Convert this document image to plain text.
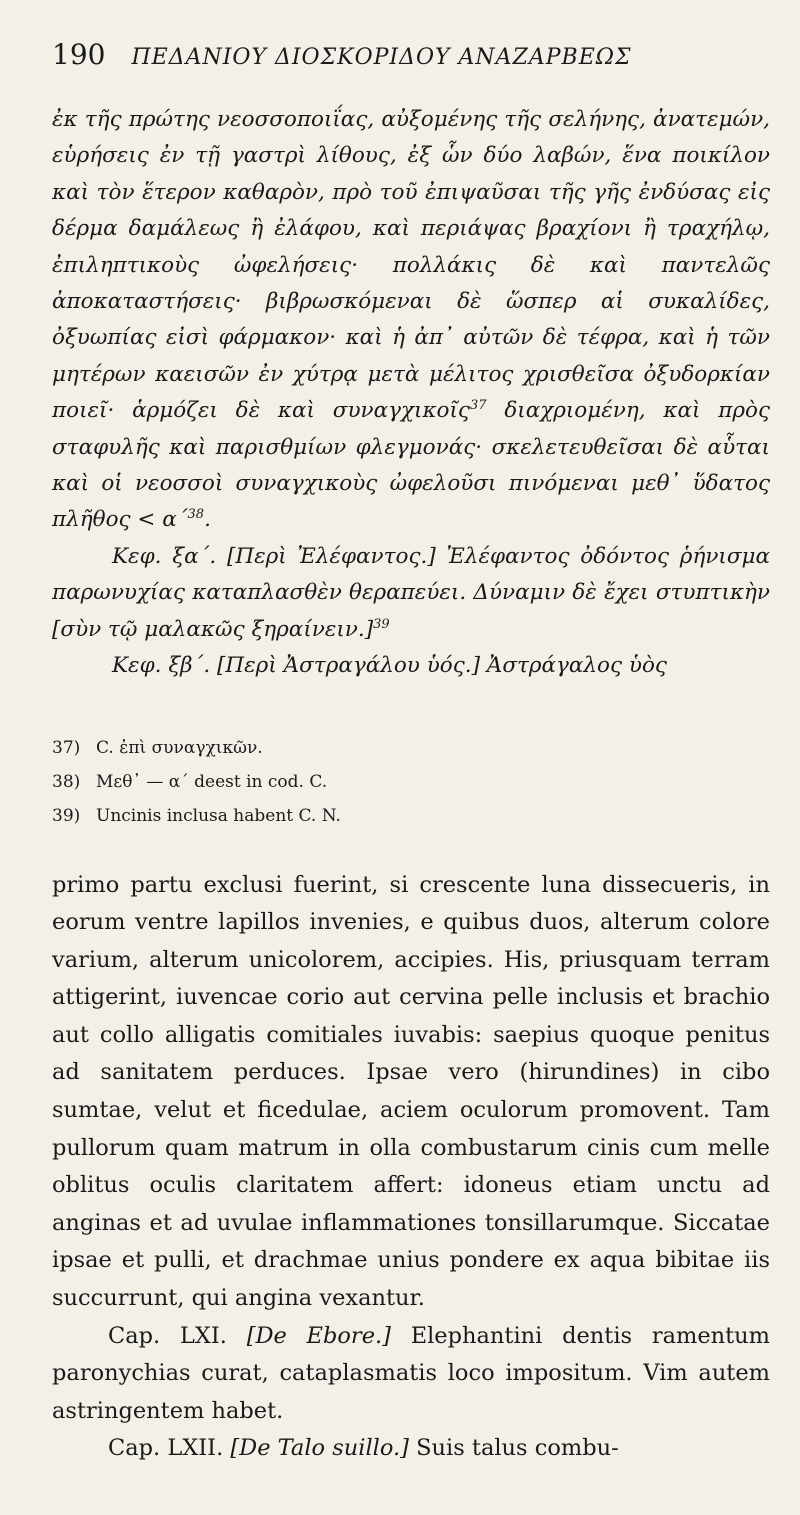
190 ΠΕΔΑΝΙΟΥ ΔΙΟΣΚΟΡΙΔΟΥ ΑΝΑΖΑΡΒΕΩΣ

ἐκ τῆς πρώτης νεοσσοποιΐας, αὐξομένης τῆς σελήνης, ἀνατεμών, εὑρήσεις ἐν τῇ γαστρὶ λίθους, ἐξ ὧν δύο λαβών, ἕνα ποικίλον καὶ τὸν ἕτερον καθαρὸν, πρὸ τοῦ ἐπιψαῦσαι τῆς γῆς ἐνδύσας εἰς δέρμα δαμάλεως ἢ ἐλάφου, καὶ περιάψας βραχίονι ἢ τραχήλῳ, ἐπιληπτικοὺς ὠφελήσεις· πολλάκις δὲ καὶ παντελῶς ἀποκαταστήσεις· βιβρωσκόμεναι δὲ ὥσπερ αἱ συκαλίδες, ὀξυωπίας εἰσὶ φάρμακον· καὶ ἡ ἀπ᾽ αὐτῶν δὲ τέφρα, καὶ ἡ τῶν μητέρων καεισῶν ἐν χύτρᾳ μετὰ μέλιτος χρισθεῖσα ὀξυδορκίαν ποιεῖ· ἁρμόζει δὲ καὶ συναγχικοῖς$^{37}$ διαχριομένη, καὶ πρὸς σταφυλῆς καὶ παρισθμίων φλεγμονάς· σκελετευθεῖσαι δὲ αὗται καὶ οἱ νεοσσοὶ συναγχικοὺς ὠφελοῦσι πινόμεναι μεθ᾽ ὕδατος πλῆθος < α´$^{38}$.

Κεφ. ξα´. [Περὶ Ἐλέφαντος.] Ἐλέφαντος ὀδόντος ῥήνισμα παρωνυχίας καταπλασθὲν θεραπεύει. Δύναμιν δὲ ἔχει στυπτικὴν [σὺν τῷ μαλακῶς ξηραίνειν.]$^{39}$

Κεφ. ξβ´. [Περὶ Ἀστραγάλου ὑός.] Ἀστράγαλος ὑὸς

37) C. ἐπὶ συναγχικῶν.
38) Μεθ᾽ — α´ deest in cod. C.
39) Uncinis inclusa habent C. N.

primo partu exclusi fuerint, si crescente luna dissecueris, in eorum ventre lapillos invenies, e quibus duos, alterum colore varium, alterum unicolorem, accipies. His, priusquam terram attigerint, iuvencae corio aut cervina pelle inclusis et brachio aut collo alligatis comitiales iuvabis: saepius quoque penitus ad sanitatem perduces. Ipsae vero (hirundines) in cibo sumtae, velut et ficedulae, aciem oculorum promovent. Tam pullorum quam matrum in olla combustarum cinis cum melle oblitus oculis claritatem affert: idoneus etiam unctu ad anginas et ad uvulae inflammationes tonsillarumque. Siccatae ipsae et pulli, et drachmae unius pondere ex aqua bibitae iis succurrunt, qui angina vexantur.

Cap. LXI. [De Ebore.] Elephantini dentis ramentum paronychias curat, cataplasmatis loco impositum. Vim autem astringentem habet.

Cap. LXII. [De Talo suillo.] Suis talus combu-
